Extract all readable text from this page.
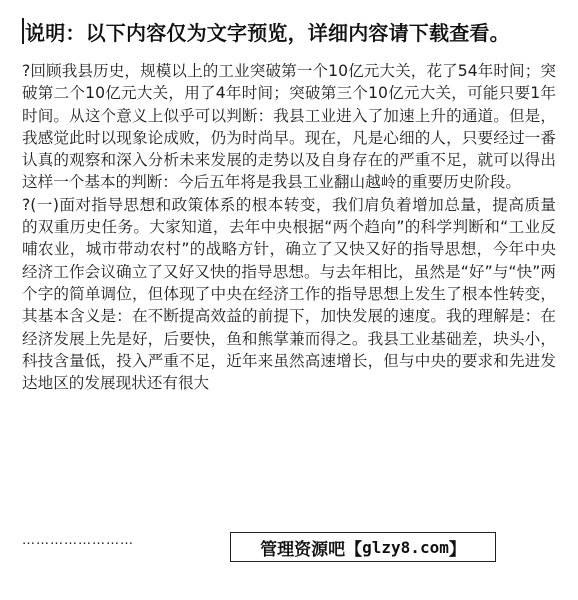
说明：以下内容仅为文字预览，详细内容请下载查看。

?回顾我县历史，规模以上的工业突破第一个10亿元大关，花了54年时间；突破第二个10亿元大关，用了4年时间；突破第三个10亿元大关，可能只要1年时间。从这个意义上似乎可以判断：我县工业进入了加速上升的通道。但是，我感觉此时以现象论成败，仍为时尚早。现在，凡是心细的人，只要经过一番认真的观察和深入分析未来发展的走势以及自身存在的严重不足，就可以得出这样一个基本的判断：今后五年将是我县工业翻山越岭的重要历史阶段。

?(一)面对指导思想和政策体系的根本转变，我们肩负着增加总量，提高质量的双重历史任务。大家知道，去年中央根据“两个趋向”的科学判断和“工业反哺农业，城市带动农村”的战略方针，确立了又快又好的指导思想，今年中央经济工作会议确立了又好又快的指导思想。与去年相比，虽然是“好”与“快”两个字的简单调位，但体现了中央在经济工作的指导思想上发生了根本性转变，其基本含义是：在不断提高效益的前提下，加快发展的速度。我的理解是：在经济发展上先是好，后要快，鱼和熊掌兼而得之。我县工业基础差，块头小，科技含量低，投入严重不足，近年来虽然高速增长，但与中央的要求和先进发达地区的发展现状还有很大

……………………	管理资源吧 【 glzy8.com 】
